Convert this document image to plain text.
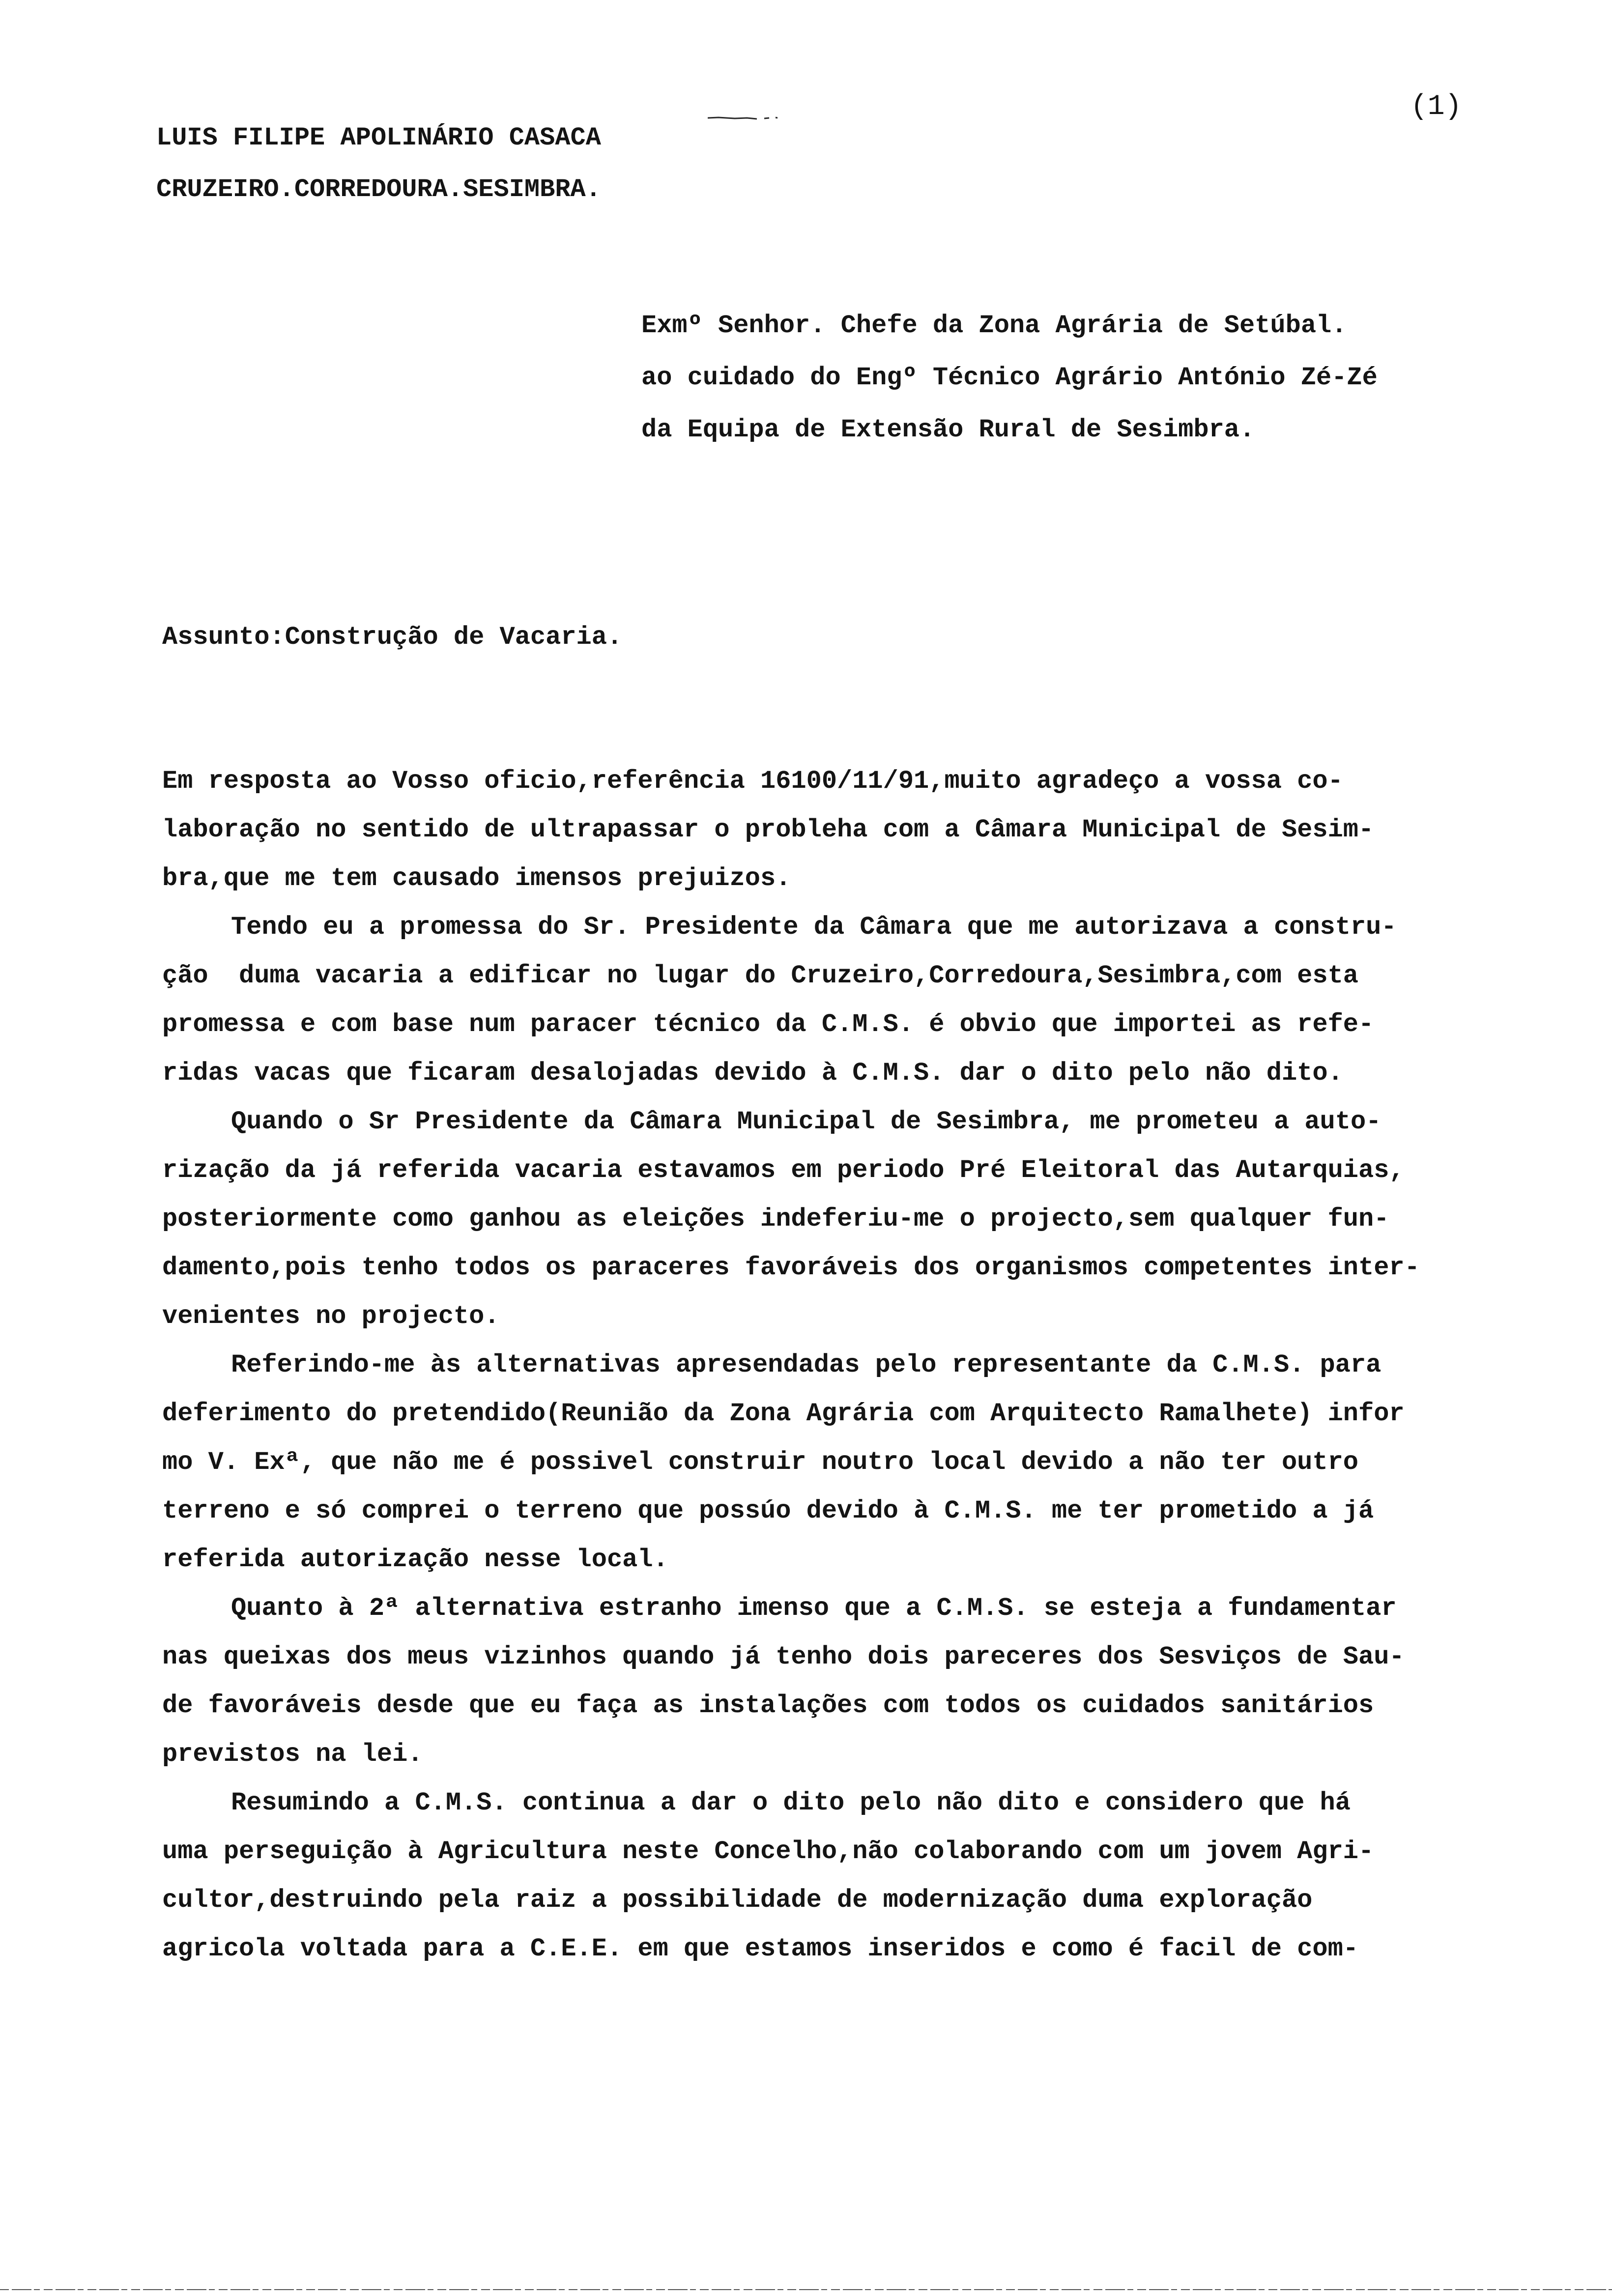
(1)
LUIS FILIPE APOLINÁRIO CASACA
CRUZEIRO.CORREDOURA.SESIMBRA.
Exmº Senhor. Chefe da Zona Agrária de Setúbal.
ao cuidado do Engº Técnico Agrário António Zé-Zé
da Equipa de Extensão Rural de Sesimbra.
Assunto:Construção de Vacaria.
Em resposta ao Vosso oficio,referência 16100/11/91,muito agradeço a vossa co-
laboração no sentido de ultrapassar o probleha com a Câmara Municipal de Sesim-
bra,que me tem causado imensos prejuizos.
Tendo eu a promessa do Sr. Presidente da Câmara que me autorizava a constru-
ção  duma vacaria a edificar no lugar do Cruzeiro,Corredoura,Sesimbra,com esta
promessa e com base num paracer técnico da C.M.S. é obvio que importei as refe-
ridas vacas que ficaram desalojadas devido à C.M.S. dar o dito pelo não dito.
Quando o Sr Presidente da Câmara Municipal de Sesimbra, me prometeu a auto-
rização da já referida vacaria estavamos em periodo Pré Eleitoral das Autarquias,
posteriormente como ganhou as eleições indeferiu-me o projecto,sem qualquer fun-
damento,pois tenho todos os paraceres favoráveis dos organismos competentes inter-
venientes no projecto.
Referindo-me às alternativas apresendadas pelo representante da C.M.S. para
deferimento do pretendido(Reunião da Zona Agrária com Arquitecto Ramalhete) infor
mo V. Exª, que não me é possivel construir noutro local devido a não ter outro
terreno e só comprei o terreno que possúo devido à C.M.S. me ter prometido a já
referida autorização nesse local.
Quanto à 2ª alternativa estranho imenso que a C.M.S. se esteja a fundamentar
nas queixas dos meus vizinhos quando já tenho dois pareceres dos Sesviços de Sau-
de favoráveis desde que eu faça as instalações com todos os cuidados sanitários
previstos na lei.
Resumindo a C.M.S. continua a dar o dito pelo não dito e considero que há
uma perseguição à Agricultura neste Concelho,não colaborando com um jovem Agri-
cultor,destruindo pela raiz a possibilidade de modernização duma exploração
agricola voltada para a C.E.E. em que estamos inseridos e como é facil de com-
